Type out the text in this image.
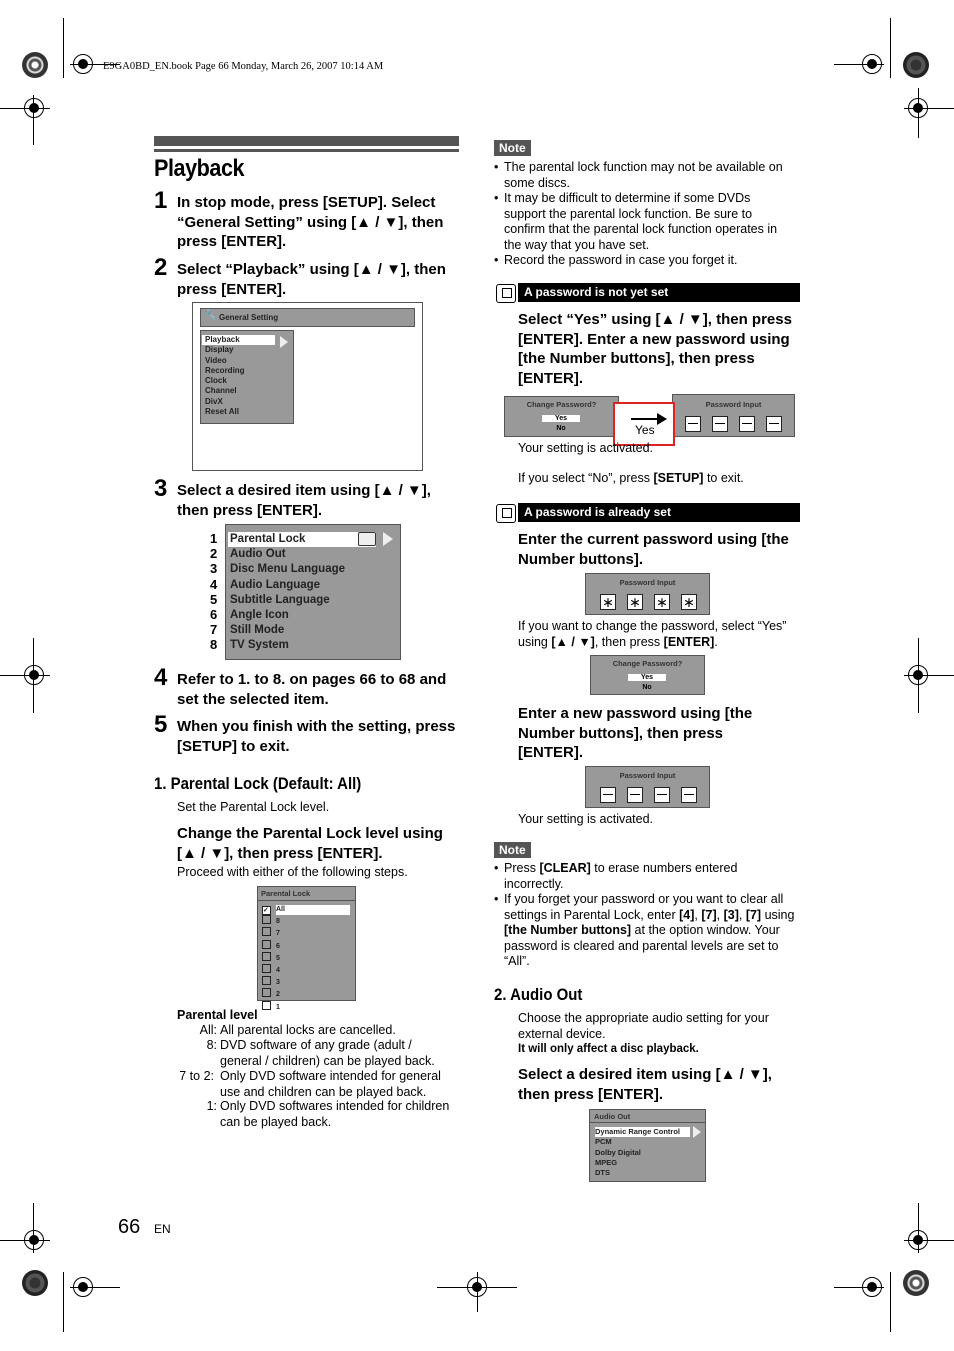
E9GA0BD_EN.book Page 66 Monday, March 26, 2007 10:14 AM
Playback
1 In stop mode, press [SETUP]. Select “General Setting” using [▲ / ▼], then press [ENTER].
2 Select “Playback” using [▲ / ▼], then press [ENTER].
🔧 General Setting
Playback
Display
Video
Recording
Clock
Channel
DivX
Reset All
3 Select a desired item using [▲ / ▼], then press [ENTER].
1
2
3
4
5
6
7
8
Parental Lock
Audio Out
Disc Menu Language
Audio Language
Subtitle Language
Angle Icon
Still Mode
TV System
4 Refer to 1. to 8. on pages 66 to 68 and set the selected item.
5 When you finish with the setting, press [SETUP] to exit.
1. Parental Lock (Default: All)
Set the Parental Lock level.
Change the Parental Lock level using [▲ / ▼], then press [ENTER].
Proceed with either of the following steps.
Parental Lock
✓ All
8
7
6
5
4
3
2
1
Parental level
All: All parental locks are cancelled.
8: DVD software of any grade (adult / general / children) can be played back.
7 to 2: Only DVD software intended for general use and children can be played back.
1: Only DVD softwares intended for children can be played back.
66 EN
Note
• The parental lock function may not be available on some discs.
• It may be difficult to determine if some DVDs support the parental lock function. Be sure to confirm that the parental lock function operates in the way that you have set.
• Record the password in case you forget it.
A password is not yet set
Select “Yes” using [▲ / ▼], then press [ENTER]. Enter a new password using [the Number buttons], then press [ENTER].
Change Password?
Yes
No
Password Input
Yes
Your setting is activated.
If you select “No”, press [SETUP] to exit.
A password is already set
Enter the current password using [the Number buttons].
Password Input
∗ ∗ ∗ ∗
If you want to change the password, select “Yes” using [▲ / ▼], then press [ENTER].
Change Password?
Yes
No
Enter a new password using [the Number buttons], then press [ENTER].
Password Input
Your setting is activated.
Note
• Press [CLEAR] to erase numbers entered incorrectly.
• If you forget your password or you want to clear all settings in Parental Lock, enter [4], [7], [3], [7] using [the Number buttons] at the option window. Your password is cleared and parental levels are set to “All”.
2. Audio Out
Choose the appropriate audio setting for your external device.
It will only affect a disc playback.
Select a desired item using [▲ / ▼], then press [ENTER].
Audio Out
Dynamic Range Control
PCM
Dolby Digital
MPEG
DTS
